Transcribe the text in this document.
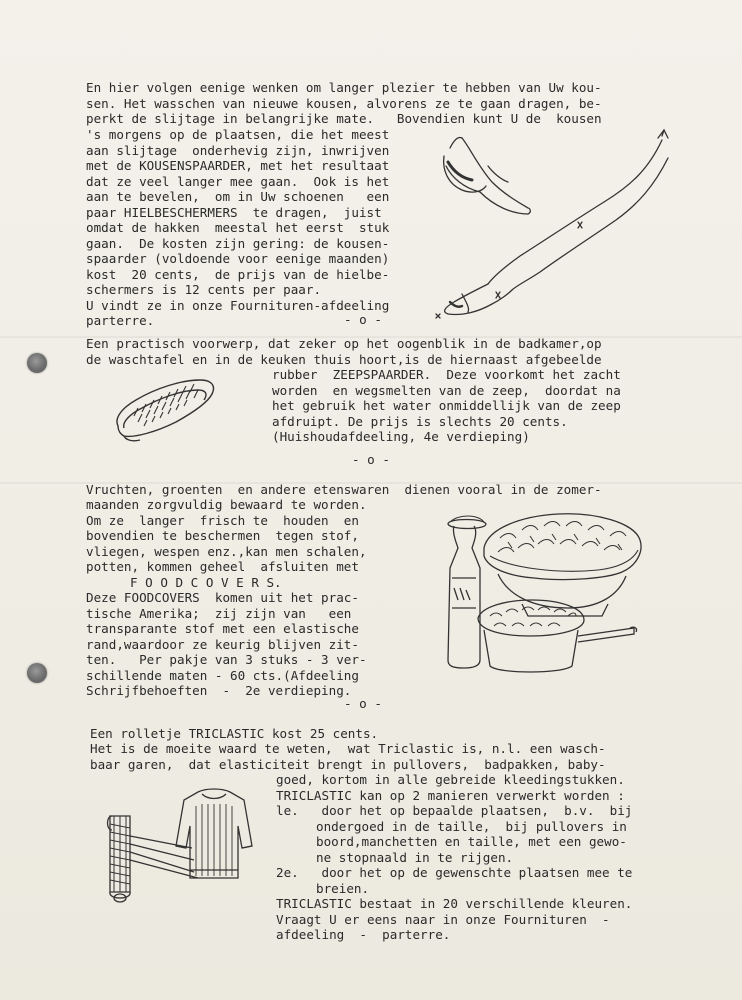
En hier volgen eenige wenken om langer plezier te hebben van Uw kou-
sen. Het wasschen van nieuwe kousen, alvorens ze te gaan dragen, be-
perkt de slijtage in belangrijke mate.   Bovendien kunt U de  kousen
's morgens op de plaatsen, die het meest
aan slijtage  onderhevig zijn, inwrijven
met de KOUSENSPAARDER, met het resultaat
dat ze veel langer mee gaan.  Ook is het
aan te bevelen,  om in Uw schoenen   een
paar HIELBESCHERMERS  te dragen,  juist
omdat de hakken  meestal het eerst  stuk
gaan.  De kosten zijn gering: de kousen-
spaarder (voldoende voor eenige maanden)
kost  20 cents,  de prijs van de hielbe-
schermers is 12 cents per paar.
U vindt ze in onze Fournituren-afdeeling
parterre.	- o -
Een practisch voorwerp, dat zeker op het oogenblik in de badkamer,op
de waschtafel en in de keuken thuis hoort,is de hiernaast afgebeelde
rubber  ZEEPSPAARDER.  Deze voorkomt het zacht
worden  en wegsmelten van de zeep,  doordat na
het gebruik het water onmiddellijk van de zeep
afdruipt. De prijs is slechts 20 cents.
(Huishoudafdeeling, 4e verdieping)
- o -
Vruchten, groenten  en andere etenswaren  dienen vooral in de zomer-
maanden zorgvuldig bewaard te worden.
Om ze  langer  frisch te  houden  en
bovendien te beschermen  tegen stof,
vliegen, wespen enz.,kan men schalen,
potten, kommen geheel  afsluiten met
F O O D C O V E R S.
Deze FOODCOVERS  komen uit het prac-
tische Amerika;  zij zijn van   een
transparante stof met een elastische
rand,waardoor ze keurig blijven zit-
ten.   Per pakje van 3 stuks - 3 ver-
schillende maten - 60 cts.(Afdeeling
Schrijfbehoeften  -  2e verdieping.
- o -
Een rolletje TRICLASTIC kost 25 cents.
Het is de moeite waard te weten,  wat Triclastic is, n.l. een wasch-
baar garen,  dat elasticiteit brengt in pullovers,  badpakken, baby-
goed, kortom in alle gebreide kleedingstukken.
TRICLASTIC kan op 2 manieren verwerkt worden :
le.   door het op bepaalde plaatsen,  b.v.  bij
ondergoed in de taille,  bij pullovers in
boord,manchetten en taille, met een gewo-
ne stopnaald in te rijgen.
2e.   door het op de gewenschte plaatsen mee te
breien.
TRICLASTIC bestaat in 20 verschillende kleuren.
Vraagt U er eens naar in onze Fournituren  -
afdeeling  -  parterre.
